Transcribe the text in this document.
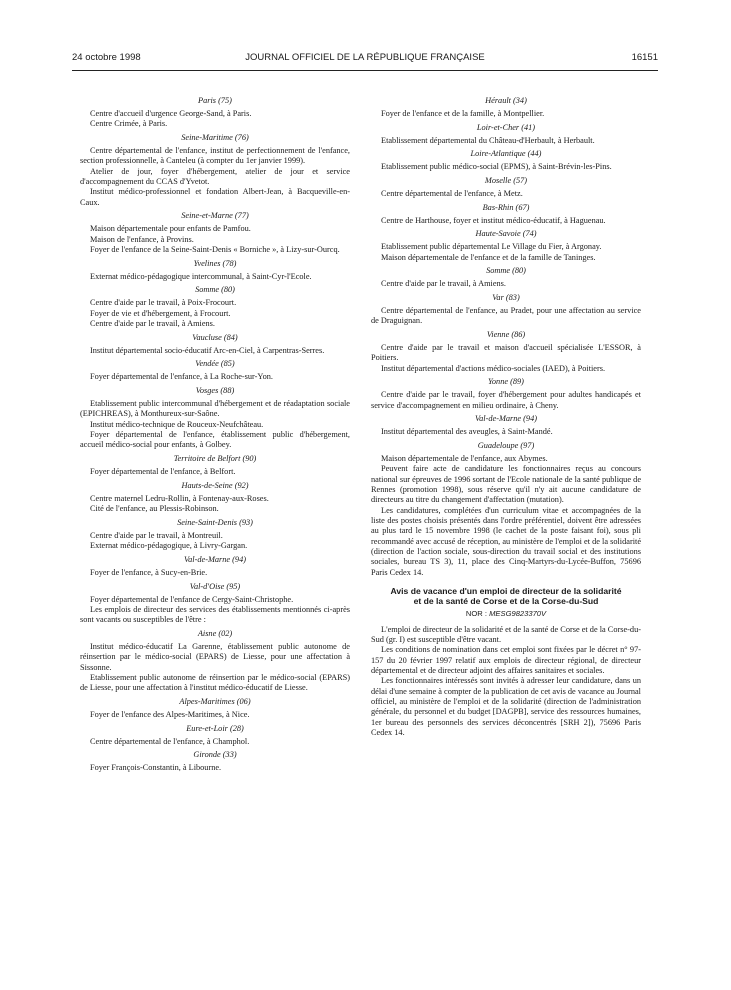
24 octobre 1998	JOURNAL OFFICIEL DE LA RÉPUBLIQUE FRANÇAISE	16151

Paris (75)

Centre d'accueil d'urgence George-Sand, à Paris.

Centre Crimée, à Paris.

Seine-Maritime (76)

Centre départemental de l'enfance, institut de perfectionnement de l'enfance, section professionnelle, à Canteleu (à compter du 1er janvier 1999).

Atelier de jour, foyer d'hébergement, atelier de jour et service d'accompagnement du CCAS d'Yvetot.

Institut médico-professionnel et fondation Albert-Jean, à Bacqueville-en-Caux.

Seine-et-Marne (77)

Maison départementale pour enfants de Pamfou.

Maison de l'enfance, à Provins.

Foyer de l'enfance de la Seine-Saint-Denis « Borniche », à Lizy-sur-Ourcq.

Yvelines (78)

Externat médico-pédagogique intercommunal, à Saint-Cyr-l'Ecole.

Somme (80)

Centre d'aide par le travail, à Poix-Frocourt.

Foyer de vie et d'hébergement, à Frocourt.

Centre d'aide par le travail, à Amiens.

Vaucluse (84)

Institut départemental socio-éducatif Arc-en-Ciel, à Carpentras-Serres.

Vendée (85)

Foyer départemental de l'enfance, à La Roche-sur-Yon.

Vosges (88)

Etablissement public intercommunal d'hébergement et de réadaptation sociale (EPICHREAS), à Monthureux-sur-Saône.

Institut médico-technique de Rouceux-Neufchâteau.

Foyer départemental de l'enfance, établissement public d'hébergement, accueil médico-social pour enfants, à Golbey.

Territoire de Belfort (90)

Foyer départemental de l'enfance, à Belfort.

Hauts-de-Seine (92)

Centre maternel Ledru-Rollin, à Fontenay-aux-Roses.

Cité de l'enfance, au Plessis-Robinson.

Seine-Saint-Denis (93)

Centre d'aide par le travail, à Montreuil.

Externat médico-pédagogique, à Livry-Gargan.

Val-de-Marne (94)

Foyer de l'enfance, à Sucy-en-Brie.

Val-d'Oise (95)

Foyer départemental de l'enfance de Cergy-Saint-Christophe.

Les emplois de directeur des services des établissements mentionnés ci-après sont vacants ou susceptibles de l'être :

Aisne (02)

Institut médico-éducatif La Garenne, établissement public autonome de réinsertion par le médico-social (EPARS) de Liesse, pour une affectation à Sissonne.

Etablissement public autonome de réinsertion par le médico-social (EPARS) de Liesse, pour une affectation à l'institut médico-éducatif de Liesse.

Alpes-Maritimes (06)

Foyer de l'enfance des Alpes-Maritimes, à Nice.

Eure-et-Loir (28)

Centre départemental de l'enfance, à Champhol.

Gironde (33)

Foyer François-Constantin, à Libourne.

Hérault (34)

Foyer de l'enfance et de la famille, à Montpellier.

Loir-et-Cher (41)

Etablissement départemental du Château-d'Herbault, à Herbault.

Loire-Atlantique (44)

Etablissement public médico-social (EPMS), à Saint-Brévin-les-Pins.

Moselle (57)

Centre départemental de l'enfance, à Metz.

Bas-Rhin (67)

Centre de Harthouse, foyer et institut médico-éducatif, à Haguenau.

Haute-Savoie (74)

Etablissement public départemental Le Village du Fier, à Argonay.

Maison départementale de l'enfance et de la famille de Taninges.

Somme (80)

Centre d'aide par le travail, à Amiens.

Var (83)

Centre départemental de l'enfance, au Pradet, pour une affectation au service de Draguignan.

Vienne (86)

Centre d'aide par le travail et maison d'accueil spécialisée L'ESSOR, à Poitiers.

Institut départemental d'actions médico-sociales (IAED), à Poitiers.

Yonne (89)

Centre d'aide par le travail, foyer d'hébergement pour adultes handicapés et service d'accompagnement en milieu ordinaire, à Cheny.

Val-de-Marne (94)

Institut départemental des aveugles, à Saint-Mandé.

Guadeloupe (97)

Maison départementale de l'enfance, aux Abymes.

Peuvent faire acte de candidature les fonctionnaires reçus au concours national sur épreuves de 1996 sortant de l'Ecole nationale de la santé publique de Rennes (promotion 1998), sous réserve qu'il n'y ait aucune candidature de directeurs au titre du changement d'affectation (mutation).

Les candidatures, complétées d'un curriculum vitae et accompagnées de la liste des postes choisis présentés dans l'ordre préférentiel, doivent être adressées au plus tard le 15 novembre 1998 (le cachet de la poste faisant foi), sous pli recommandé avec accusé de réception, au ministère de l'emploi et de la solidarité (direction de l'action sociale, sous-direction du travail social et des institutions sociales, bureau TS 3), 11, place des Cinq-Martyrs-du-Lycée-Buffon, 75696 Paris Cedex 14.

Avis de vacance d'un emploi de directeur de la solidarité

et de la santé de Corse et de la Corse-du-Sud

NOR : MESG9823370V

L'emploi de directeur de la solidarité et de la santé de Corse et de la Corse-du-Sud (gr. I) est susceptible d'être vacant.

Les conditions de nomination dans cet emploi sont fixées par le décret n° 97-157 du 20 février 1997 relatif aux emplois de directeur régional, de directeur départemental et de directeur adjoint des affaires sanitaires et sociales.

Les fonctionnaires intéressés sont invités à adresser leur candidature, dans un délai d'une semaine à compter de la publication de cet avis de vacance au Journal officiel, au ministère de l'emploi et de la solidarité (direction de l'administration générale, du personnel et du budget [DAGPB], service des ressources humaines, 1er bureau des personnels des services déconcentrés [SRH 2]), 75696 Paris Cedex 14.
